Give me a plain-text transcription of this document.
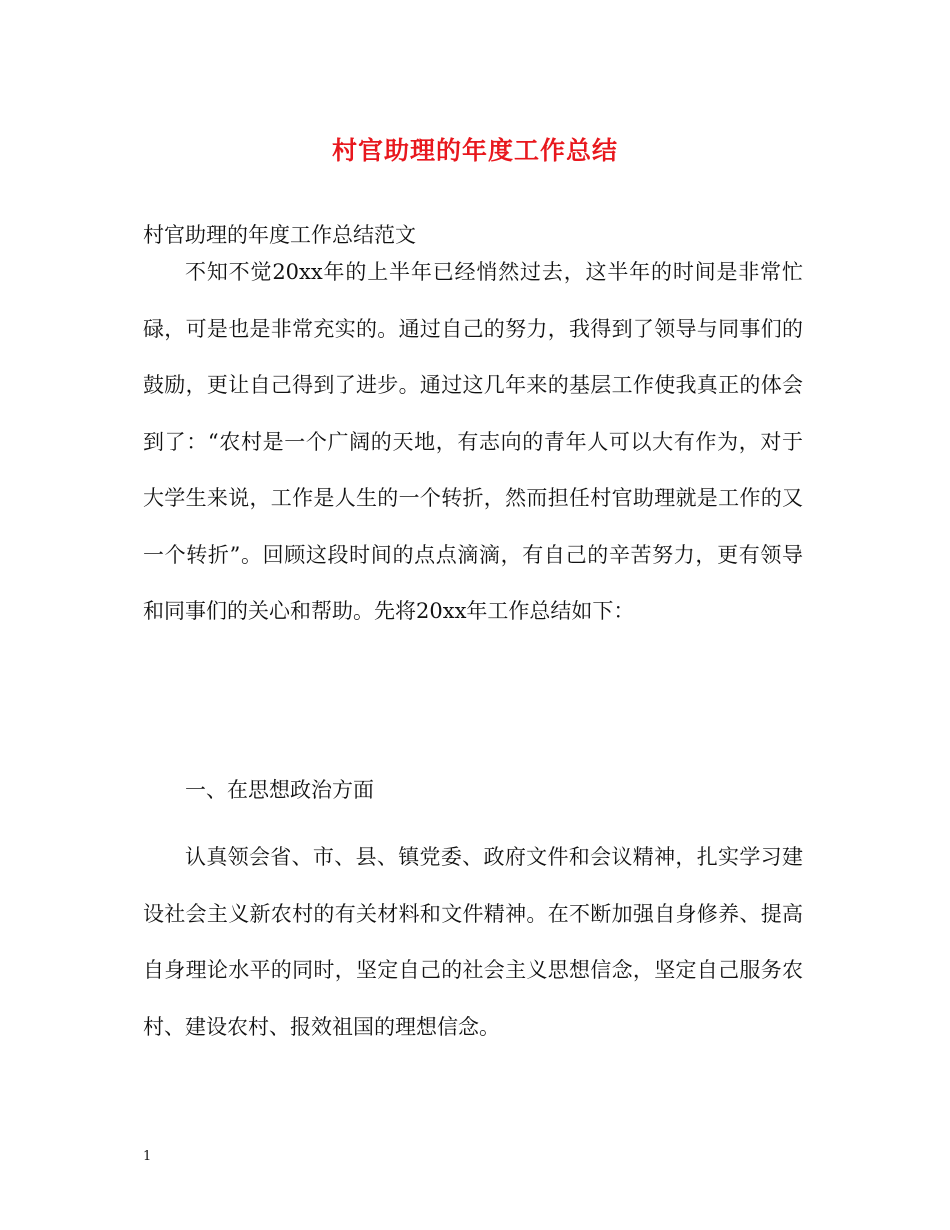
村官助理的年度工作总结
村官助理的年度工作总结范文

不知不觉20xx年的上半年已经悄然过去，这半年的时间是非常忙碌，可是也是非常充实的。通过自己的努力，我得到了领导与同事们的鼓励，更让自己得到了进步。通过这几年来的基层工作使我真正的体会到了：“农村是一个广阔的天地，有志向的青年人可以大有作为，对于大学生来说，工作是人生的一个转折，然而担任村官助理就是工作的又一个转折”。回顾这段时间的点点滴滴，有自己的辛苦努力，更有领导和同事们的关心和帮助。先将20xx年工作总结如下：

一、在思想政治方面

认真领会省、市、县、镇党委、政府文件和会议精神，扎实学习建设社会主义新农村的有关材料和文件精神。在不断加强自身修养、提高自身理论水平的同时，坚定自己的社会主义思想信念，坚定自己服务农村、建设农村、报效祖国的理想信念。

1
